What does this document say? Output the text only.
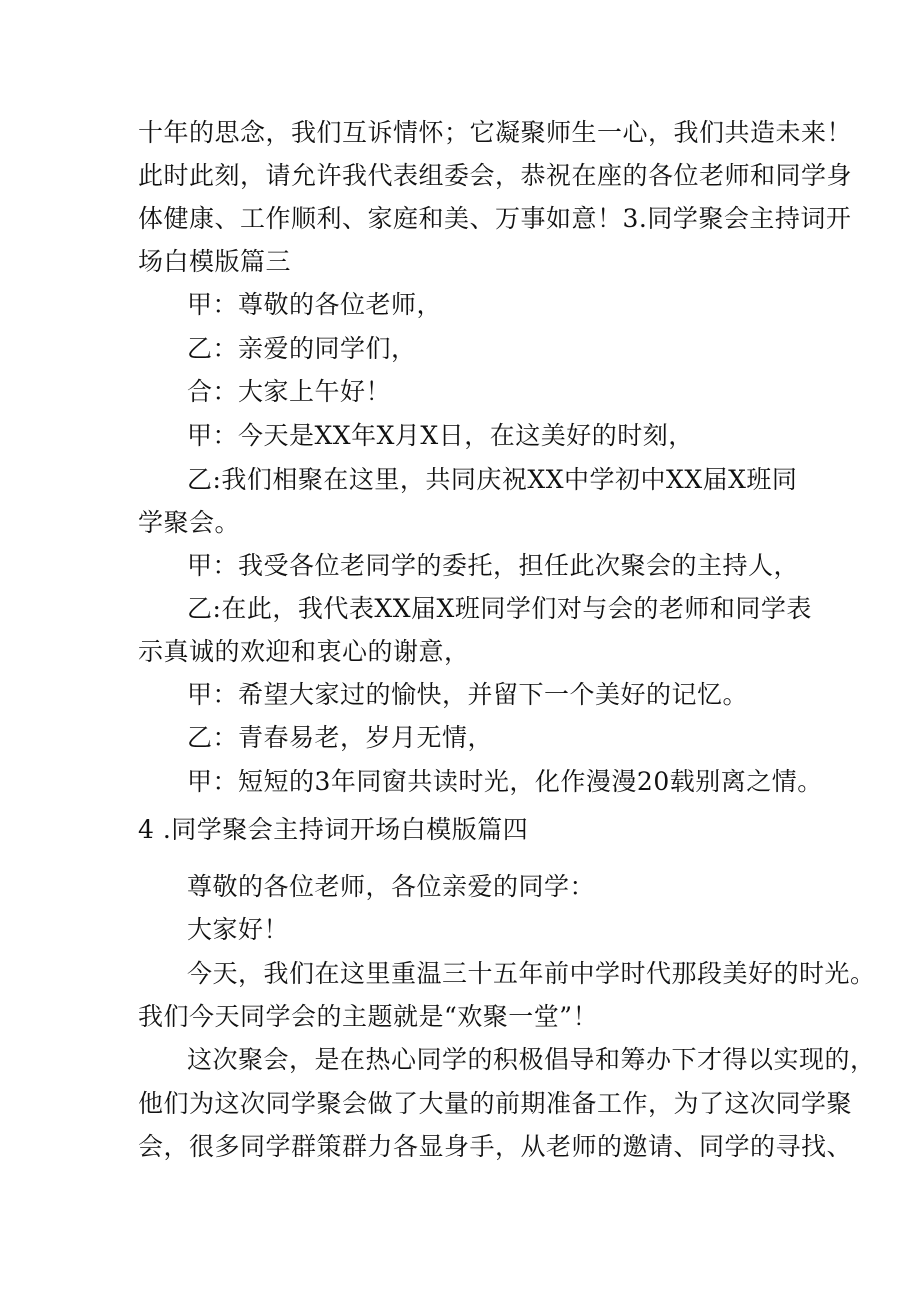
十年的思念，我们互诉情怀；它凝聚师生一心，我们共造未来！
此时此刻，请允许我代表组委会，恭祝在座的各位老师和同学身
体健康、工作顺利、家庭和美、万事如意！3.同学聚会主持词开
场白模版篇三
甲：尊敬的各位老师，
乙：亲爱的同学们，
合：大家上午好！
甲：今天是XX年X月X日，在这美好的时刻，
乙:我们相聚在这里，共同庆祝XX中学初中XX届X班同
学聚会。
甲：我受各位老同学的委托，担任此次聚会的主持人，
乙:在此，我代表XX届X班同学们对与会的老师和同学表
示真诚的欢迎和衷心的谢意，
甲：希望大家过的愉快，并留下一个美好的记忆。
乙：青春易老，岁月无情，
甲：短短的3年同窗共读时光，化作漫漫20载别离之情。
4 .同学聚会主持词开场白模版篇四
尊敬的各位老师，各位亲爱的同学：
大家好！
今天，我们在这里重温三十五年前中学时代那段美好的时光。
我们今天同学会的主题就是“欢聚一堂”！
这次聚会，是在热心同学的积极倡导和筹办下才得以实现的，
他们为这次同学聚会做了大量的前期准备工作，为了这次同学聚
会，很多同学群策群力各显身手，从老师的邀请、同学的寻找、
